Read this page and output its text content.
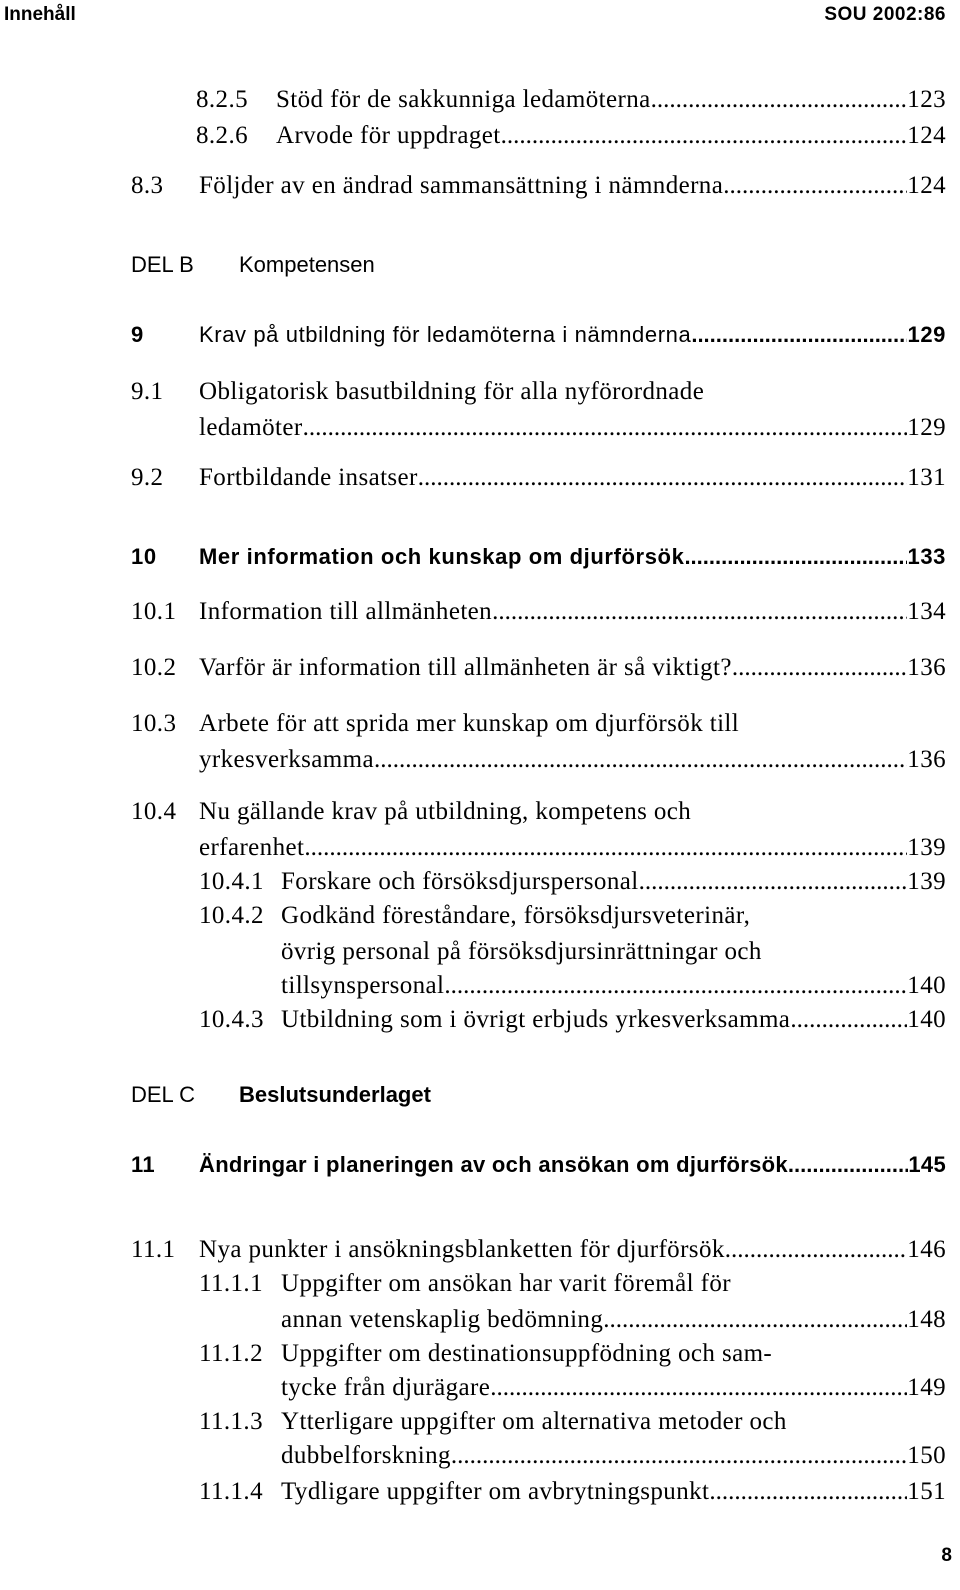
Innehåll	SOU 2002:86
8.2.5	Stöd för de sakkunniga ledamöterna .....	123
8.2.6	Arvode för uppdraget .....	124
8.3	Följder av en ändrad sammansättning i nämnderna .....	124
DEL B Kompetensen
9	Krav på utbildning för ledamöterna i nämnderna .....	129
9.1 Obligatorisk basutbildning för alla nyförordnade
ledamöter .....	129
9.2	Fortbildande insatser .....	131
10	Mer information och kunskap om djurförsök .....	133
10.1 Information till allmänheten .....	134
10.2 Varför är information till allmänheten är så viktigt? .....	136
10.3 Arbete för att sprida mer kunskap om djurförsök till
yrkesverksamma .....	136
10.4 Nu gällande krav på utbildning, kompetens och
erfarenhet .....	139
10.4.1 Forskare och försöksdjurspersonal .....	139
10.4.2 Godkänd föreståndare, försöksdjursveterinär,
övrig personal på försöksdjursinrättningar och
tillsynspersonal .....	140
10.4.3 Utbildning som i övrigt erbjuds yrkesverksamma .....	140
DEL C Beslutsunderlaget
11	Ändringar i planeringen av och ansökan om djurförsök .....	145
11.1 Nya punkter i ansökningsblanketten för djurförsök .....	146
11.1.1 Uppgifter om ansökan har varit föremål för
annan vetenskaplig bedömning .....	148
11.1.2 Uppgifter om destinationsuppfödning och sam-
tycke från djurägare .....	149
11.1.3 Ytterligare uppgifter om alternativa metoder och
dubbelforskning .....	150
11.1.4 Tydligare uppgifter om avbrytningspunkt .....	151
8
